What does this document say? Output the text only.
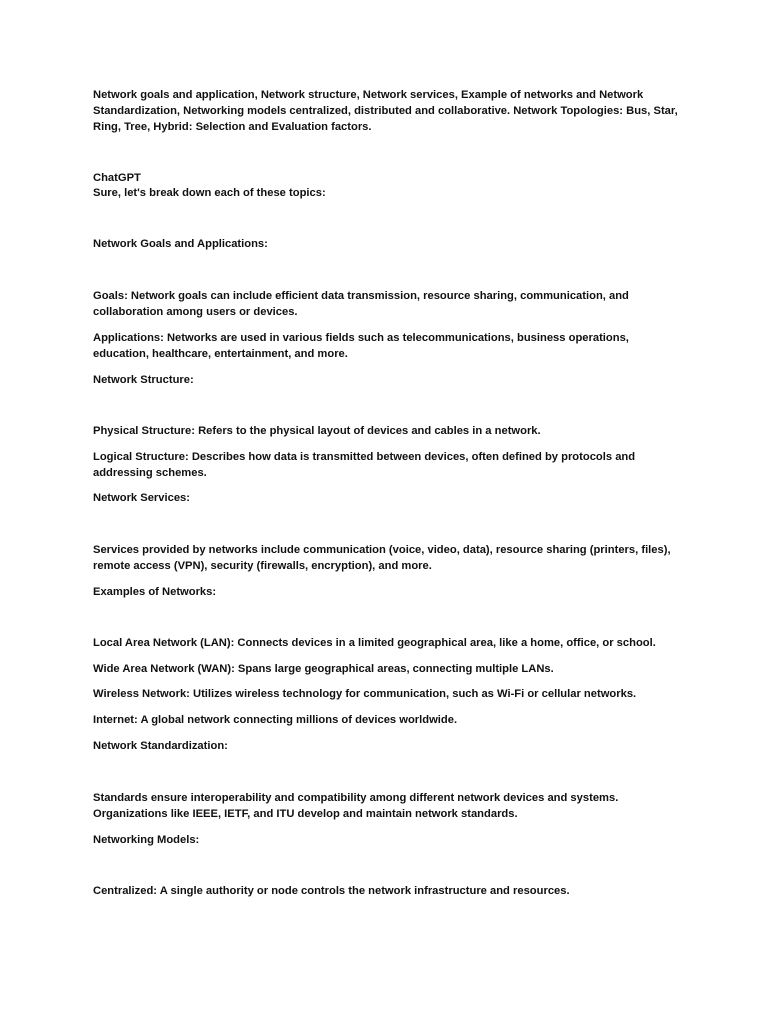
Network goals and application, Network structure, Network services, Example of networks and Network Standardization, Networking models centralized, distributed and collaborative. Network Topologies: Bus, Star, Ring, Tree, Hybrid: Selection and Evaluation factors.

ChatGPT

Sure, let's break down each of these topics:

Network Goals and Applications:

Goals: Network goals can include efficient data transmission, resource sharing, communication, and collaboration among users or devices.

Applications: Networks are used in various fields such as telecommunications, business operations, education, healthcare, entertainment, and more.

Network Structure:

Physical Structure: Refers to the physical layout of devices and cables in a network.

Logical Structure: Describes how data is transmitted between devices, often defined by protocols and addressing schemes.

Network Services:

Services provided by networks include communication (voice, video, data), resource sharing (printers, files), remote access (VPN), security (firewalls, encryption), and more.

Examples of Networks:

Local Area Network (LAN): Connects devices in a limited geographical area, like a home, office, or school.

Wide Area Network (WAN): Spans large geographical areas, connecting multiple LANs.

Wireless Network: Utilizes wireless technology for communication, such as Wi-Fi or cellular networks.

Internet: A global network connecting millions of devices worldwide.

Network Standardization:

Standards ensure interoperability and compatibility among different network devices and systems. Organizations like IEEE, IETF, and ITU develop and maintain network standards.

Networking Models:

Centralized: A single authority or node controls the network infrastructure and resources.
